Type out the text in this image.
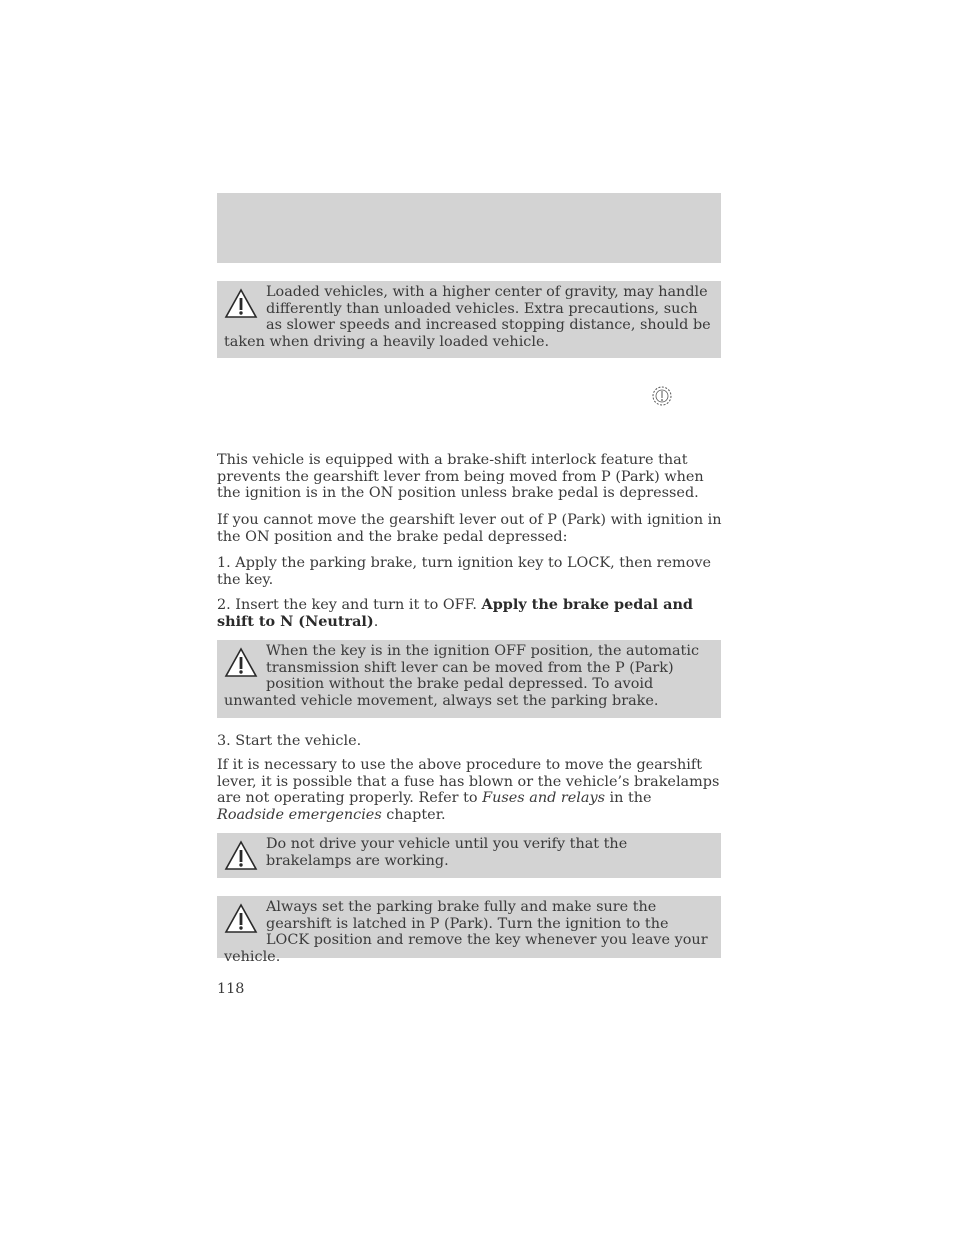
Loaded vehicles, with a higher center of gravity, may handle differently than unloaded vehicles. Extra precautions, such as slower speeds and increased stopping distance, should be taken when driving a heavily loaded vehicle.

This vehicle is equipped with a brake-shift interlock feature that prevents the gearshift lever from being moved from P (Park) when the ignition is in the ON position unless brake pedal is depressed.

If you cannot move the gearshift lever out of P (Park) with ignition in the ON position and the brake pedal depressed:

1. Apply the parking brake, turn ignition key to LOCK, then remove the key.

2. Insert the key and turn it to OFF. Apply the brake pedal and shift to N (Neutral).

When the key is in the ignition OFF position, the automatic transmission shift lever can be moved from the P (Park) position without the brake pedal depressed. To avoid unwanted vehicle movement, always set the parking brake.

3. Start the vehicle.

If it is necessary to use the above procedure to move the gearshift lever, it is possible that a fuse has blown or the vehicle’s brakelamps are not operating properly. Refer to Fuses and relays in the Roadside emergencies chapter.

Do not drive your vehicle until you verify that the brakelamps are working.

Always set the parking brake fully and make sure the gearshift is latched in P (Park). Turn the ignition to the LOCK position and remove the key whenever you leave your vehicle.

118
